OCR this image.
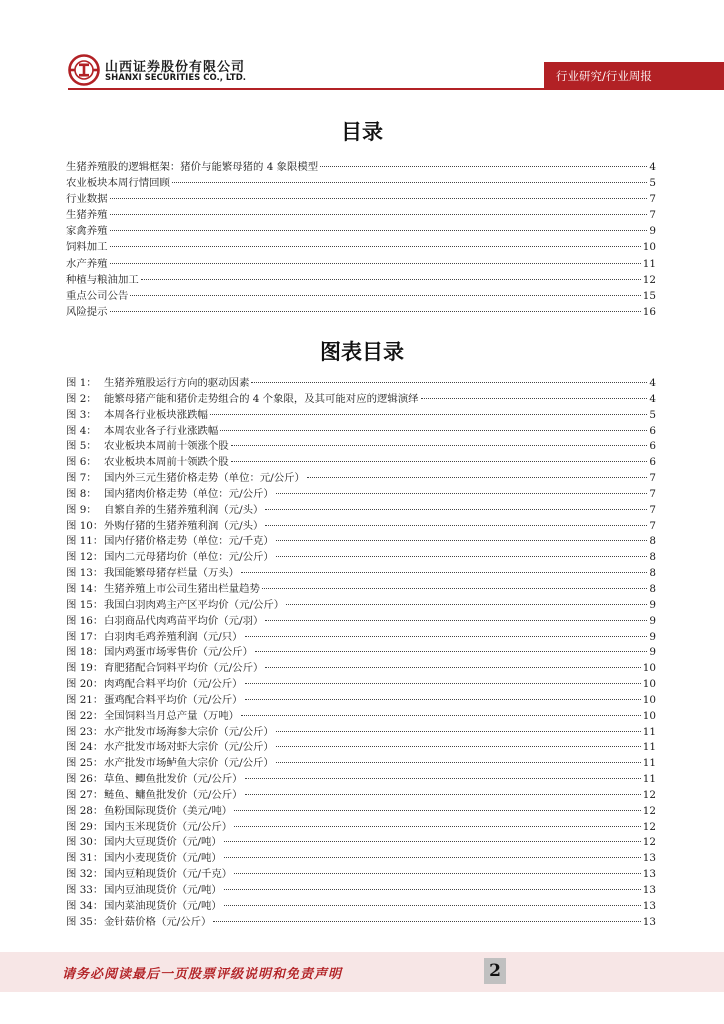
山西证券股份有限公司
SHANXI SECURITIES CO., LTD.	行业研究/行业周报
目录
生猪养殖股的逻辑框架：猪价与能繁母猪的 4 象限模型	4
农业板块本周行情回顾	5
行业数据	7
生猪养殖	7
家禽养殖	9
饲料加工	10
水产养殖	11
种植与粮油加工	12
重点公司公告	15
风险提示	16
图表目录
图 1： 生猪养殖股运行方向的驱动因素	4
图 2： 能繁母猪产能和猪价走势组合的 4 个象限，及其可能对应的逻辑演绎	4
图 3： 本周各行业板块涨跌幅	5
图 4： 本周农业各子行业涨跌幅	6
图 5： 农业板块本周前十领涨个股	6
图 6： 农业板块本周前十领跌个股	6
图 7： 国内外三元生猪价格走势（单位：元/公斤）	7
图 8： 国内猪肉价格走势（单位：元/公斤）	7
图 9： 自繁自养的生猪养殖利润（元/头）	7
图 10： 外购仔猪的生猪养殖利润（元/头）	7
图 11： 国内仔猪价格走势（单位：元/千克）	8
图 12： 国内二元母猪均价（单位：元/公斤）	8
图 13： 我国能繁母猪存栏量（万头）	8
图 14： 生猪养殖上市公司生猪出栏量趋势	8
图 15： 我国白羽肉鸡主产区平均价（元/公斤）	9
图 16： 白羽商品代肉鸡苗平均价（元/羽）	9
图 17： 白羽肉毛鸡养殖利润（元/只）	9
图 18： 国内鸡蛋市场零售价（元/公斤）	9
图 19： 育肥猪配合饲料平均价（元/公斤）	10
图 20： 肉鸡配合料平均价（元/公斤）	10
图 21： 蛋鸡配合料平均价（元/公斤）	10
图 22： 全国饲料当月总产量（万吨）	10
图 23： 水产批发市场海参大宗价（元/公斤）	11
图 24： 水产批发市场对虾大宗价（元/公斤）	11
图 25： 水产批发市场鲈鱼大宗价（元/公斤）	11
图 26： 草鱼、鲫鱼批发价（元/公斤）	11
图 27： 鲢鱼、鳙鱼批发价（元/公斤）	12
图 28： 鱼粉国际现货价（美元/吨）	12
图 29： 国内玉米现货价（元/公斤）	12
图 30： 国内大豆现货价（元/吨）	12
图 31： 国内小麦现货价（元/吨）	13
图 32： 国内豆粕现货价（元/千克）	13
图 33： 国内豆油现货价（元/吨）	13
图 34： 国内菜油现货价（元/吨）	13
图 35： 金针菇价格（元/公斤）	13
请务必阅读最后一页股票评级说明和免责声明	2
